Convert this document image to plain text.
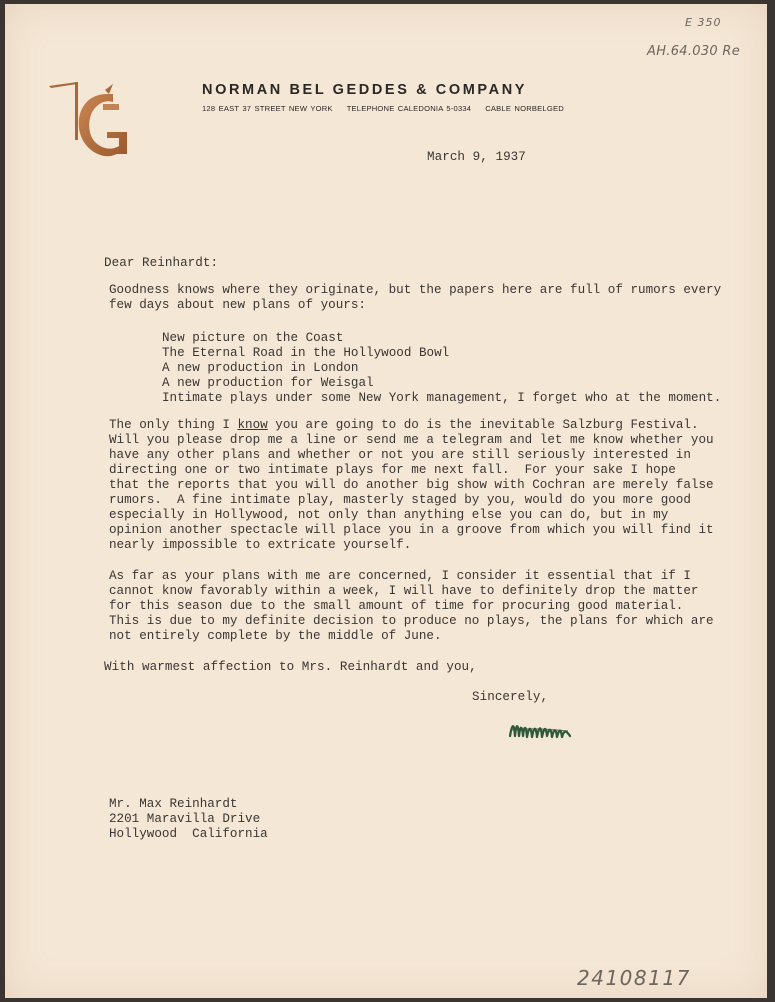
NORMAN BEL GEDDES & COMPANY
128 EAST 37 STREET NEW YORK TELEPHONE CALEDONIA 5-0334 CABLE NORBELGED
E 350
AH.64.030 Re
24108117
March 9, 1937
Dear Reinhardt:
Goodness knows where they originate, but the papers here are full of rumors every
few days about new plans of yours:
New picture on the Coast
The Eternal Road in the Hollywood Bowl
A new production in London
A new production for Weisgal
Intimate plays under some New York management, I forget who at the moment.
The only thing I know you are going to do is the inevitable Salzburg Festival.
Will you please drop me a line or send me a telegram and let me know whether you
have any other plans and whether or not you are still seriously interested in
directing one or two intimate plays for me next fall.  For your sake I hope
that the reports that you will do another big show with Cochran are merely false
rumors.  A fine intimate play, masterly staged by you, would do you more good
especially in Hollywood, not only than anything else you can do, but in my
opinion another spectacle will place you in a groove from which you will find it
nearly impossible to extricate yourself.
As far as your plans with me are concerned, I consider it essential that if I
cannot know favorably within a week, I will have to definitely drop the matter
for this season due to the small amount of time for procuring good material.
This is due to my definite decision to produce no plays, the plans for which are
not entirely complete by the middle of June.
With warmest affection to Mrs. Reinhardt and you,
Sincerely,
Mr. Max Reinhardt
2201 Maravilla Drive
Hollywood  California
